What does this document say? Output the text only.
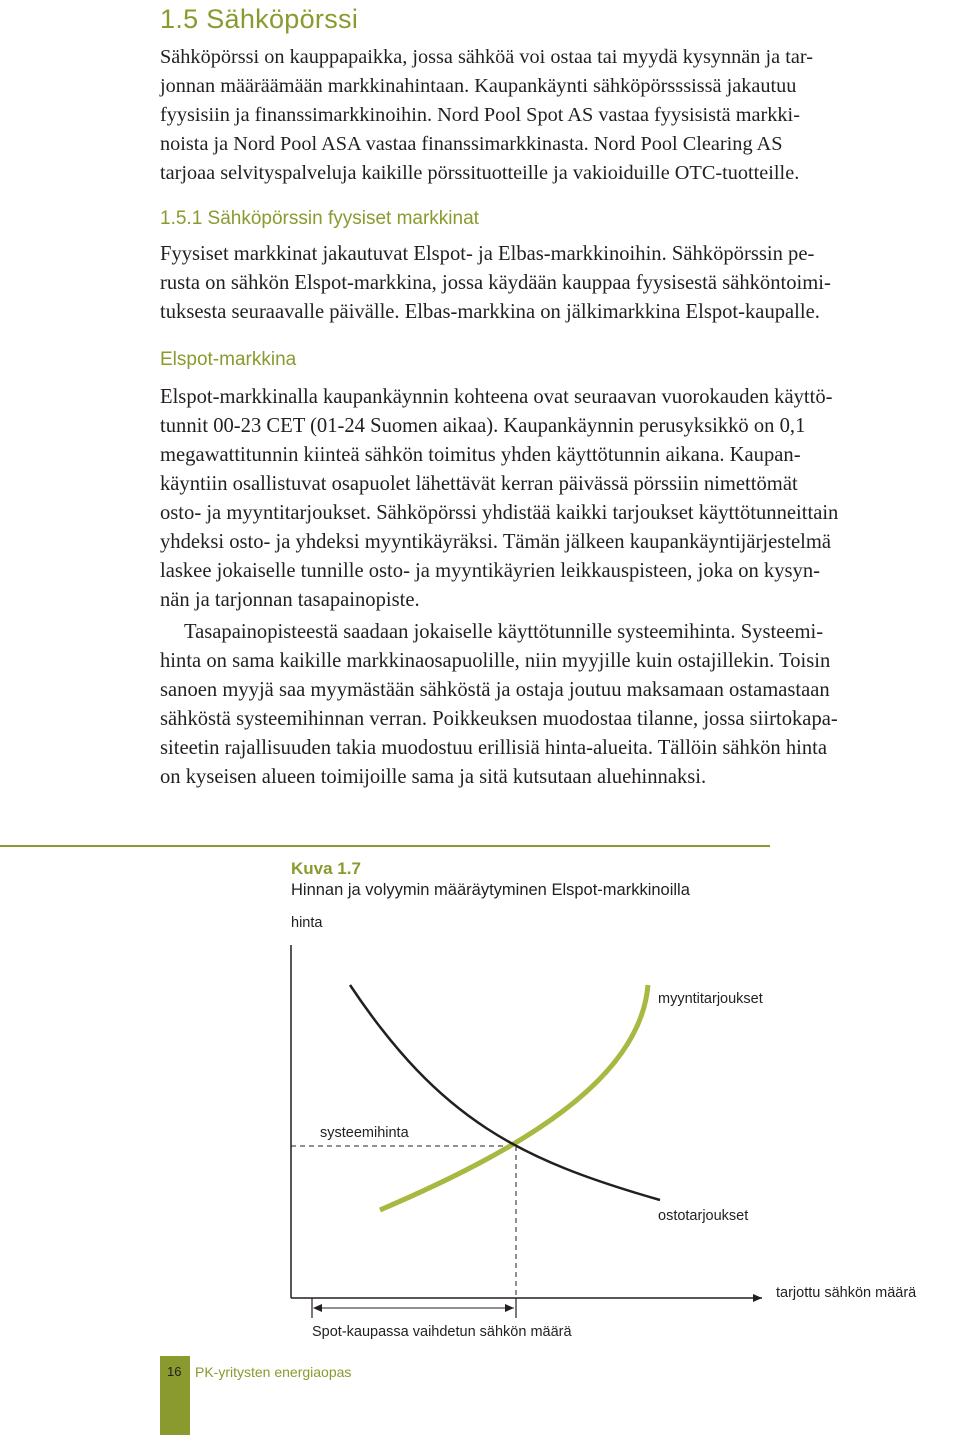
1.5 Sähköpörssi

Sähköpörssi on kauppapaikka, jossa sähköä voi ostaa tai myydä kysynnän ja tar-
jonnan määräämään markkinahintaan. Kaupankäynti sähköpörsssissä jakautuu
fyysisiin ja finanssimarkkinoihin. Nord Pool Spot AS vastaa fyysisistä markki-
noista ja Nord Pool ASA vastaa finanssimarkkinasta. Nord Pool Clearing AS
tarjoaa selvityspalveluja kaikille pörssituotteille ja vakioiduille OTC-tuotteille.

1.5.1 Sähköpörssin fyysiset markkinat

Fyysiset markkinat jakautuvat Elspot- ja Elbas-markkinoihin. Sähköpörssin pe-
rusta on sähkön Elspot-markkina, jossa käydään kauppaa fyysisestä sähköntoimi-
tuksesta seuraavalle päivälle. Elbas-markkina on jälkimarkkina Elspot-kaupalle.

Elspot-markkina

Elspot-markkinalla kaupankäynnin kohteena ovat seuraavan vuorokauden käyttö-
tunnit 00-23 CET (01-24 Suomen aikaa). Kaupankäynnin perusyksikkö on 0,1
megawattitunnin kiinteä sähkön toimitus yhden käyttötunnin aikana. Kaupan-
käyntiin osallistuvat osapuolet lähettävät kerran päivässä pörssiin nimettömät
osto- ja myyntitarjoukset. Sähköpörssi yhdistää kaikki tarjoukset käyttötunneittain
yhdeksi osto- ja yhdeksi myyntikäyräksi. Tämän jälkeen kaupankäyntijärjestelmä
laskee jokaiselle tunnille osto- ja myyntikäyrien leikkauspisteen, joka on kysyn-
nän ja tarjonnan tasapainopiste.

Tasapainopisteestä saadaan jokaiselle käyttötunnille systeemihinta. Systeemi-
hinta on sama kaikille markkinaosapuolille, niin myyjille kuin ostajillekin. Toisin
sanoen myyjä saa myymästään sähköstä ja ostaja joutuu maksamaan ostamastaan
sähköstä systeemihinnan verran. Poikkeuksen muodostaa tilanne, jossa siirtokapa-
siteetin rajallisuuden takia muodostuu erillisiä hinta-alueita. Tällöin sähkön hinta
on kyseisen alueen toimijoille sama ja sitä kutsutaan aluehinnaksi.

Kuva 1.7
Hinnan ja volyymin määräytyminen Elspot-markkinoilla
hinta
myyntitarjoukset
systeemihinta
ostotarjoukset
tarjottu sähkön määrä
Spot-kaupassa vaihdetun sähkön määrä
16 PK-yritysten energiaopas
